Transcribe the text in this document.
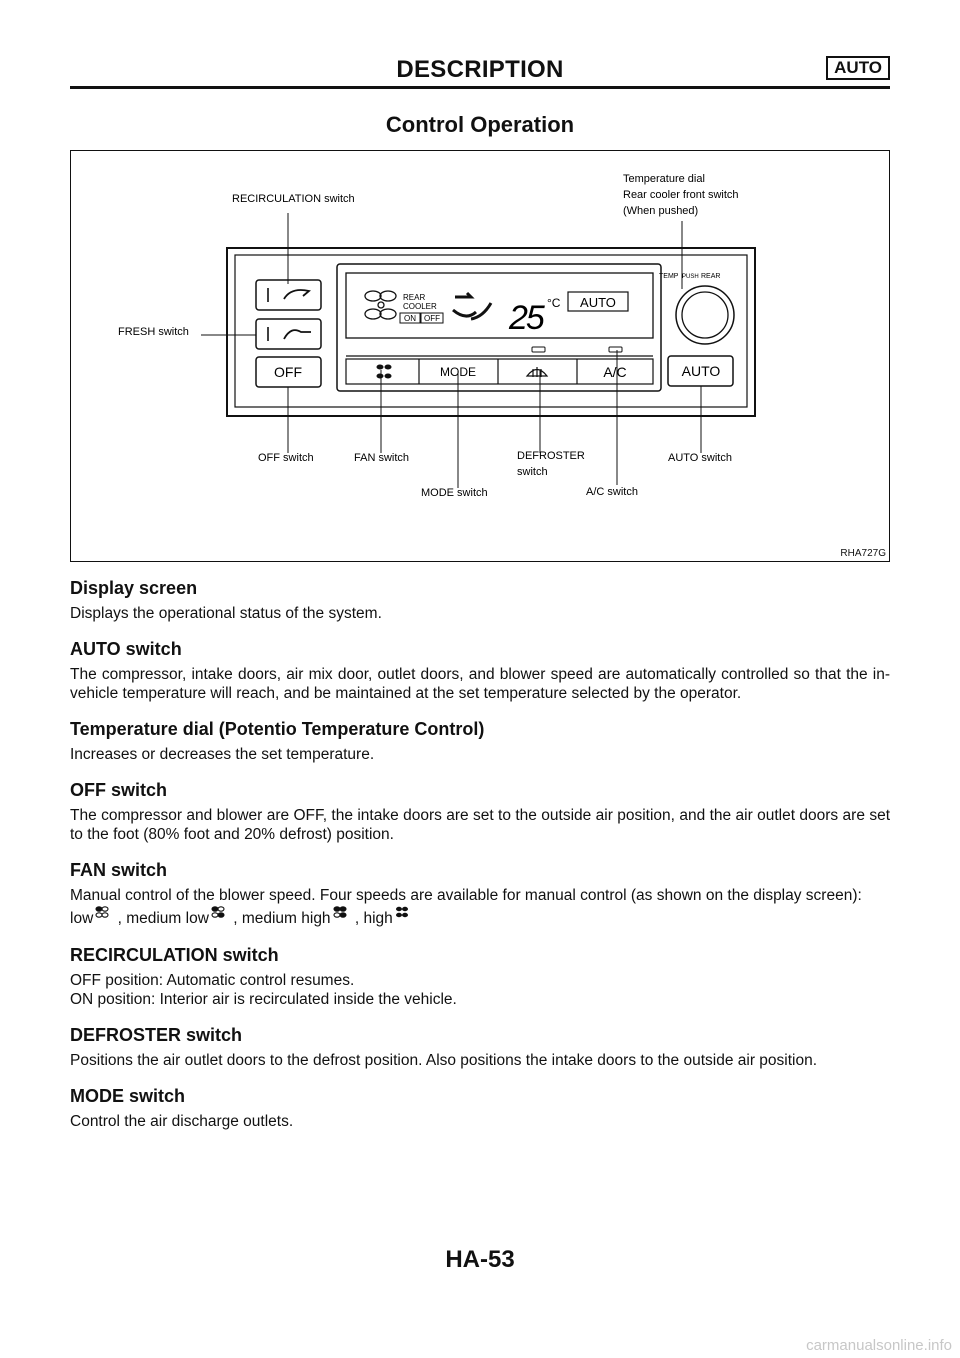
DESCRIPTION	AUTO
Control Operation
OFF
REAR
COOLER
ON OFF 25 °C AUTO
MODE	A/C
TEMP PUSH REAR
AUTO
Temperature dial
Rear cooler front switch
(When pushed)
RECIRCULATION switch
FRESH switch
OFF switch	FAN switch
MODE switch
DEFROSTER
switch
A/C switch
AUTO switch
RHA727G
Display screen

Displays the operational status of the system.

AUTO switch

The compressor, intake doors, air mix door, outlet doors, and blower speed are automatically controlled so that the in-vehicle temperature will reach, and be maintained at the set temperature selected by the operator.

Temperature dial (Potentio Temperature Control)

Increases or decreases the set temperature.

OFF switch

The compressor and blower are OFF, the intake doors are set to the outside air position, and the air outlet doors are set to the foot (80% foot and 20% defrost) position.

FAN switch

Manual control of the blower speed. Four speeds are available for manual control (as shown on the display screen):

low , medium low , medium high , high
RECIRCULATION switch

OFF position: Automatic control resumes.

ON position: Interior air is recirculated inside the vehicle.

DEFROSTER switch

Positions the air outlet doors to the defrost position. Also positions the intake doors to the outside air position.

MODE switch

Control the air discharge outlets.

HA-53
carmanualsonline.info
